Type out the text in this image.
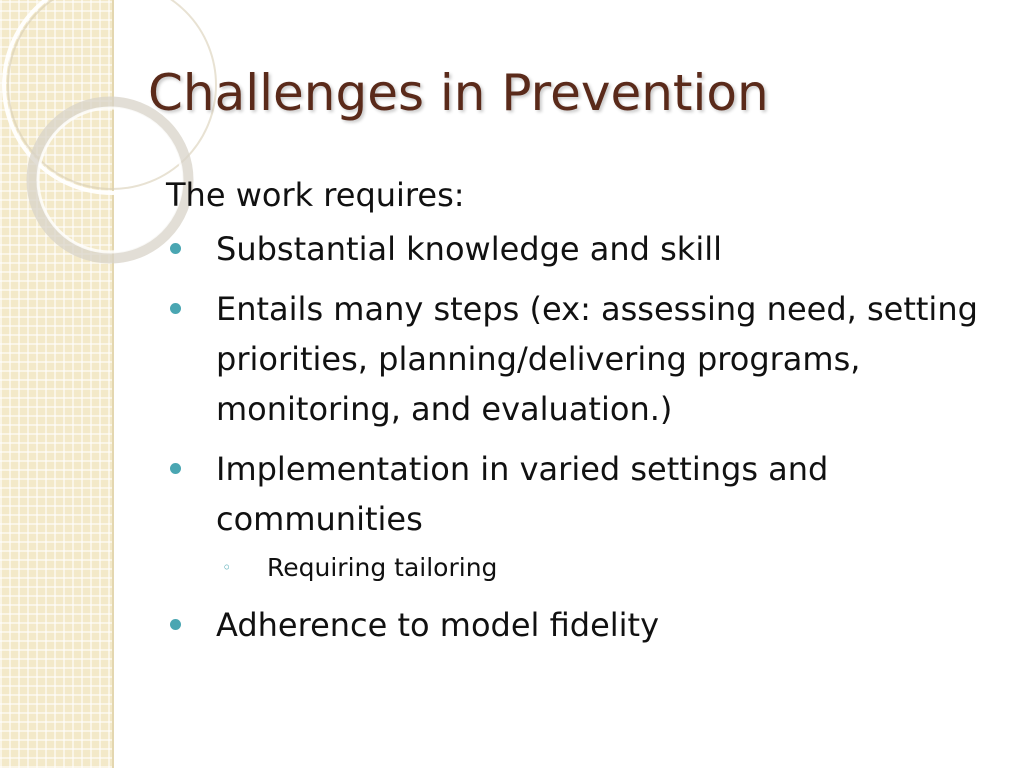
Challenges in Prevention
The work requires:
Substantial knowledge and skill
Entails many steps (ex: assessing need, setting priorities, planning/delivering programs, monitoring, and evaluation.)
Implementation in varied settings and communities
◦ Requiring tailoring
Adherence to model fidelity
